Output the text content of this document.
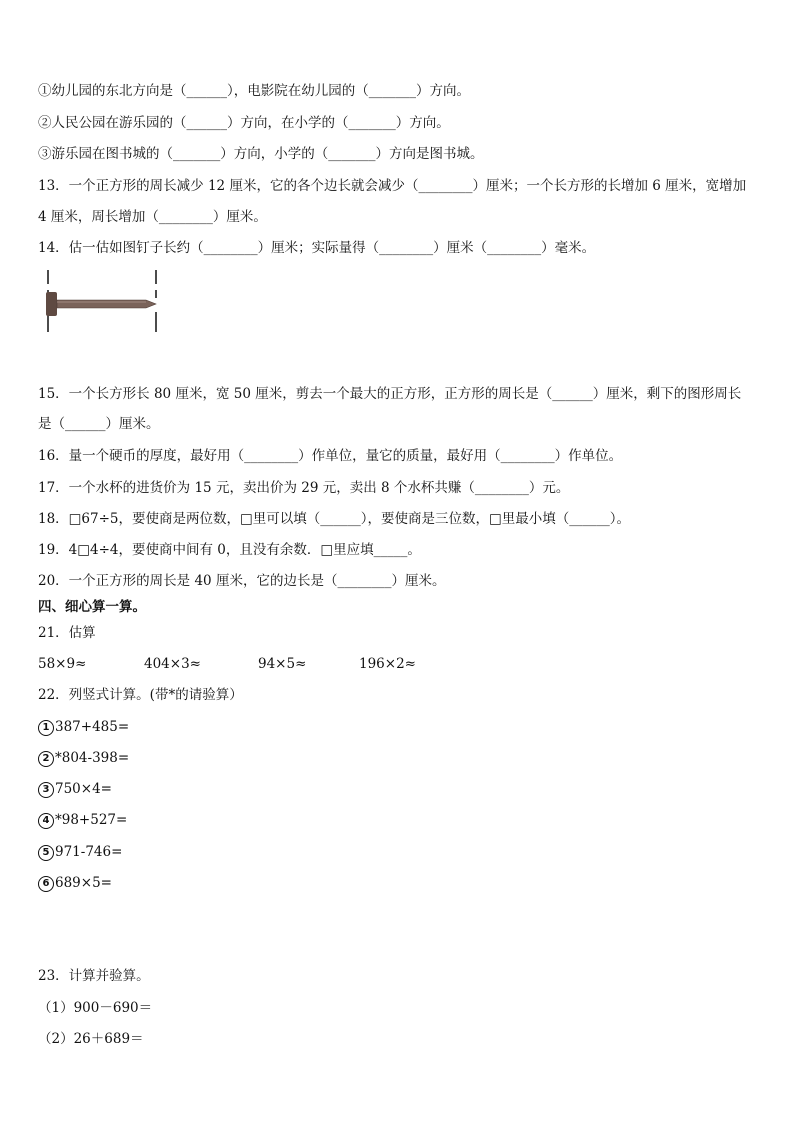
①幼儿园的东北方向是（______），电影院在幼儿园的（_______）方向。
②人民公园在游乐园的（______）方向，在小学的（_______）方向。
③游乐园在图书城的（_______）方向，小学的（_______）方向是图书城。
13．一个正方形的周长减少 12 厘米，它的各个边长就会减少（________）厘米；一个长方形的长增加 6 厘米，宽增加
4 厘米，周长增加（________）厘米。
14．估一估如图钉子长约（________）厘米；实际量得（________）厘米（________）毫米。
15．一个长方形长 80 厘米，宽 50 厘米，剪去一个最大的正方形，正方形的周长是（______）厘米，剩下的图形周长
是（______）厘米。
16．量一个硬币的厚度，最好用（________）作单位，量它的质量，最好用（________）作单位。
17．一个水杯的进货价为 15 元，卖出价为 29 元，卖出 8 个水杯共赚（________）元。
18．□67÷5，要使商是两位数，□里可以填（______），要使商是三位数，□里最小填（______）。
19．4□4÷4，要使商中间有 0，且没有余数．□里应填_____。
20．一个正方形的周长是 40 厘米，它的边长是（________）厘米。
四、细心算一算。
21．估算
58×9≈	404×3≈	94×5≈	196×2≈
22．列竖式计算。(带*的请验算）
1 387+485=
2 *804-398=
3 750×4=
4 *98+527=
5 971-746=
6 689×5=
23．计算并验算。
（1）900－690＝
（2）26＋689＝
